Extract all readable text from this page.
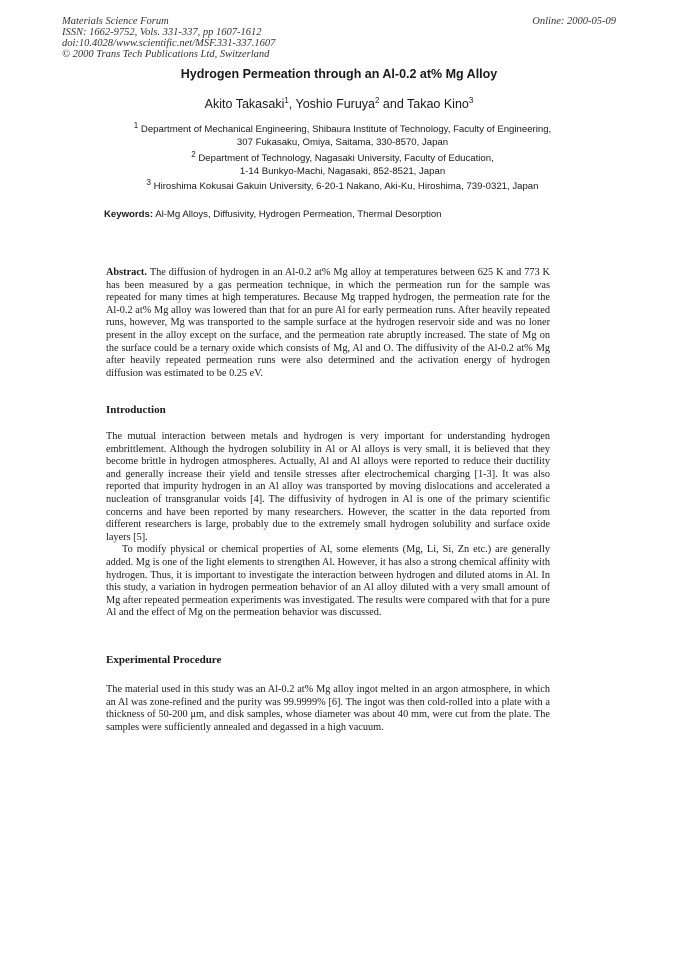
Materials Science Forum
ISSN: 1662-9752, Vols. 331-337, pp 1607-1612
doi:10.4028/www.scientific.net/MSF.331-337.1607
© 2000 Trans Tech Publications Ltd, Switzerland
Online: 2000-05-09
Hydrogen Permeation through an Al-0.2 at% Mg Alloy
Akito Takasaki$^1$, Yoshio Furuya$^2$ and Takao Kino$^3$
$^1$ Department of Mechanical Engineering, Shibaura Institute of Technology, Faculty of Engineering,
307 Fukasaku, Omiya, Saitama, 330-8570, Japan
$^2$ Department of Technology, Nagasaki University, Faculty of Education,
1-14 Bunkyo-Machi, Nagasaki, 852-8521, Japan
$^3$ Hiroshima Kokusai Gakuin University, 6-20-1 Nakano, Aki-Ku, Hiroshima, 739-0321, Japan
Keywords: Al-Mg Alloys, Diffusivity, Hydrogen Permeation, Thermal Desorption

Abstract. The diffusion of hydrogen in an Al-0.2 at% Mg alloy at temperatures between 625 K and 773 K has been measured by a gas permeation technique, in which the permeation run for the sample was repeated for many times at high temperatures. Because Mg trapped hydrogen, the permeation rate for the Al-0.2 at% Mg alloy was lowered than that for an pure Al for early permeation runs. After heavily repeated runs, however, Mg was transported to the sample surface at the hydrogen reservoir side and was no loner present in the alloy except on the surface, and the permeation rate abruptly increased. The state of Mg on the surface could be a ternary oxide which consists of Mg, Al and O. The diffusivity of the Al-0.2 at% Mg after heavily repeated permeation runs were also determined and the activation energy of hydrogen diffusion was estimated to be 0.25 eV.

Introduction

The mutual interaction between metals and hydrogen is very important for understanding hydrogen embrittlement. Although the hydrogen solubility in Al or Al alloys is very small, it is believed that they become brittle in hydrogen atmospheres. Actually, Al and Al alloys were reported to reduce their ductility and generally increase their yield and tensile stresses after electrochemical charging [1-3]. It was also reported that impurity hydrogen in an Al alloy was transported by moving dislocations and accelerated a nucleation of transgranular voids [4]. The diffusivity of hydrogen in Al is one of the primary scientific concerns and have been reported by many researchers. However, the scatter in the data reported from different researchers is large, probably due to the extremely small hydrogen solubility and surface oxide layers [5].

To modify physical or chemical properties of Al, some elements (Mg, Li, Si, Zn etc.) are generally added. Mg is one of the light elements to strengthen Al. However, it has also a strong chemical affinity with hydrogen. Thus, it is important to investigate the interaction between hydrogen and diluted atoms in Al. In this study, a variation in hydrogen permeation behavior of an Al alloy diluted with a very small amount of Mg after repeated permeation experiments was investigated. The results were compared with that for a pure Al and the effect of Mg on the permeation behavior was discussed.

Experimental Procedure

The material used in this study was an Al-0.2 at% Mg alloy ingot melted in an argon atmosphere, in which an Al was zone-refined and the purity was 99.9999% [6]. The ingot was then cold-rolled into a plate with a thickness of 50-200 μm, and disk samples, whose diameter was about 40 mm, were cut from the plate. The samples were sufficiently annealed and degassed in a high vacuum.
